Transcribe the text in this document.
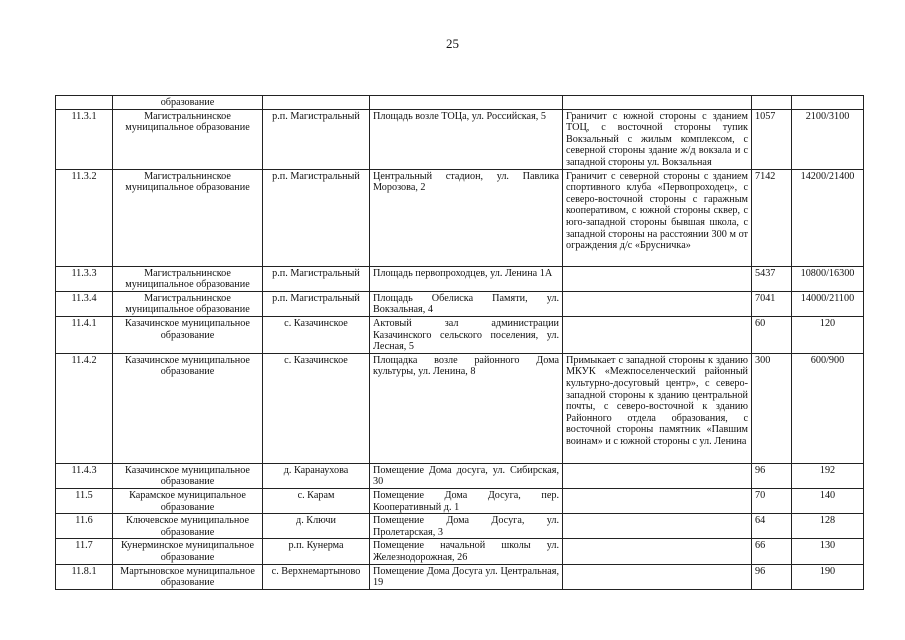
25
	образование					
11.3.1	Магистральнинское муниципальное образование	р.п. Магистральный	Площадь возле ТОЦа, ул. Российская, 5	Граничит с южной стороны с зданием ТОЦ, с восточной стороны тупик Вокзальный с жилым комплексом, с северной стороны здание ж/д вокзала и с западной стороны ул. Вокзальная	1057	2100/3100
11.3.2	Магистральнинское муниципальное образование	р.п. Магистральный	Центральный стадион, ул. Павлика Морозова, 2	Граничит с северной стороны с зданием спортивного клуба «Первопроходец», с северо-восточной стороны с гаражным кооперативом, с южной стороны сквер, с юго-западной стороны бывшая школа, с западной стороны на расстоянии 300 м от ограждения д/с «Брусничка»	7142	14200/21400
11.3.3	Магистральнинское муниципальное образование	р.п. Магистральный	Площадь первопроходцев, ул. Ленина 1А		5437	10800/16300
11.3.4	Магистральнинское муниципальное образование	р.п. Магистральный	Площадь Обелиска Памяти, ул. Вокзальная, 4		7041	14000/21100
11.4.1	Казачинское муниципальное образование	с. Казачинское	Актовый зал администрации Казачинского сельского поселения, ул. Лесная, 5		60	120
11.4.2	Казачинское муниципальное образование	с. Казачинское	Площадка возле районного Дома культуры, ул. Ленина, 8	Примыкает с западной стороны к зданию МКУК «Межпоселенческий районный культурно-досуговый центр», с северо-западной стороны к зданию центральной почты, с северо-восточной к зданию Районного отдела образования, с восточной стороны памятник «Павшим воинам» и с южной стороны с ул. Ленина	300	600/900
11.4.3	Казачинское муниципальное образование	д. Каранаухова	Помещение Дома досуга, ул. Сибирская, 30		96	192
11.5	Карамское муниципальное образование	с. Карам	Помещение Дома Досуга, пер. Кооперативный д. 1		70	140
11.6	Ключевское муниципальное образование	д. Ключи	Помещение Дома Досуга, ул. Пролетарская, 3		64	128
11.7	Кунерминское муниципальное образование	р.п. Кунерма	Помещение начальной школы ул. Железнодорожная, 26		66	130
11.8.1	Мартыновское муниципальное образование	с. Верхнемартыново	Помещение Дома Досуга ул. Центральная, 19		96	190
